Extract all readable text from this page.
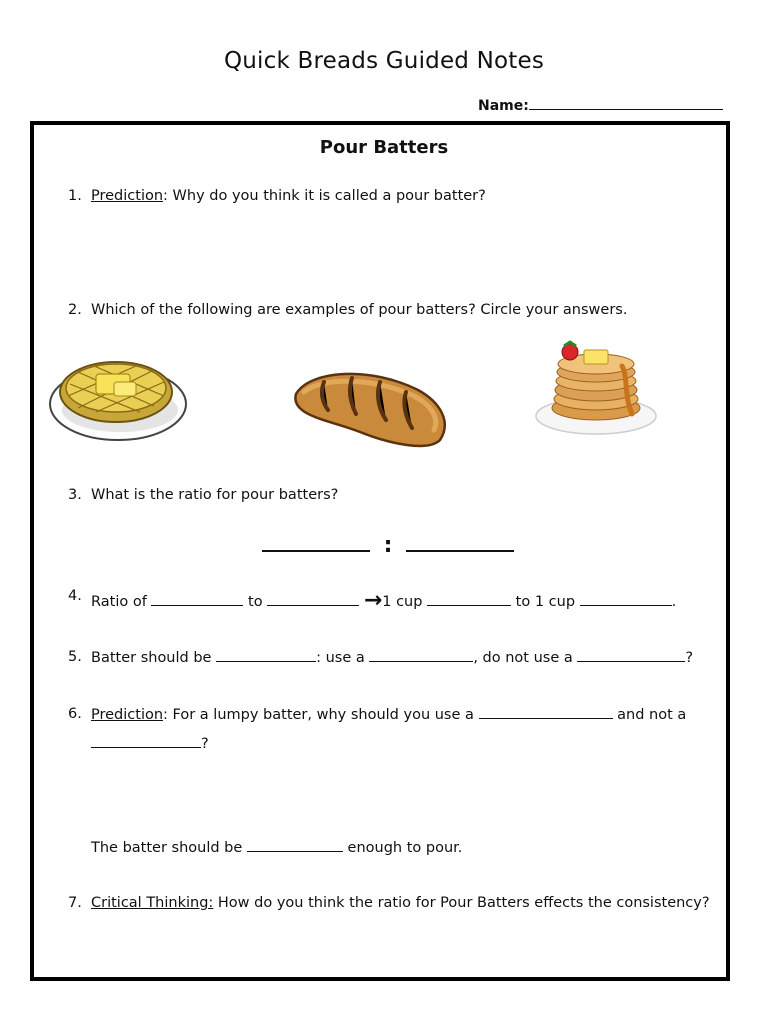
Quick Breads Guided Notes
Name:
Pour Batters
1. Prediction: Why do you think it is called a pour batter?
2. Which of the following are examples of pour batters? Circle your answers.
3. What is the ratio for pour batters?
:
4. Ratio of	to	→1 cup	to 1 cup	.
5. Batter should be	: use a	, do not use a	?
6. Prediction: For a lumpy batter, why should you use a	and not a
?
The batter should be	enough to pour.
7. Critical Thinking: How do you think the ratio for Pour Batters effects the consistency?
